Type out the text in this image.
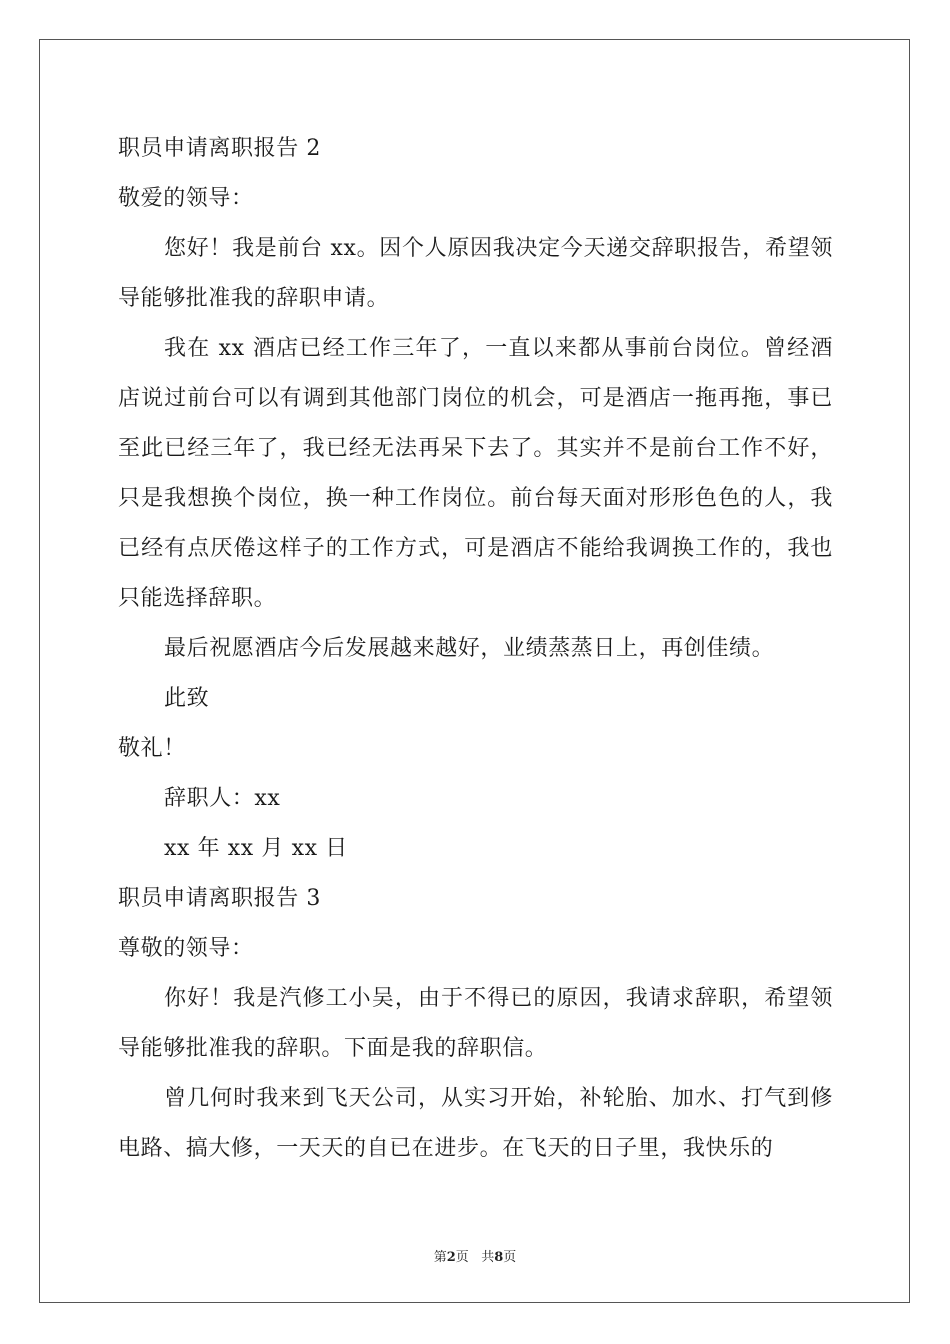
职员申请离职报告 2

敬爱的领导：

您好！我是前台 xx。因个人原因我决定今天递交辞职报告，希望领导能够批准我的辞职申请。

我在 xx 酒店已经工作三年了，一直以来都从事前台岗位。曾经酒店说过前台可以有调到其他部门岗位的机会，可是酒店一拖再拖，事已至此已经三年了，我已经无法再呆下去了。其实并不是前台工作不好，只是我想换个岗位，换一种工作岗位。前台每天面对形形色色的人，我已经有点厌倦这样子的工作方式，可是酒店不能给我调换工作的，我也只能选择辞职。

最后祝愿酒店今后发展越来越好，业绩蒸蒸日上，再创佳绩。

此致

敬礼！

辞职人：xx

xx 年 xx 月 xx 日

职员申请离职报告 3

尊敬的领导：

你好！我是汽修工小吴，由于不得已的原因，我请求辞职，希望领导能够批准我的辞职。下面是我的辞职信。

曾几何时我来到飞天公司，从实习开始，补轮胎、加水、打气到修电路、搞大修，一天天的自已在进步。在飞天的日子里，我快乐的

第2页 共8页
